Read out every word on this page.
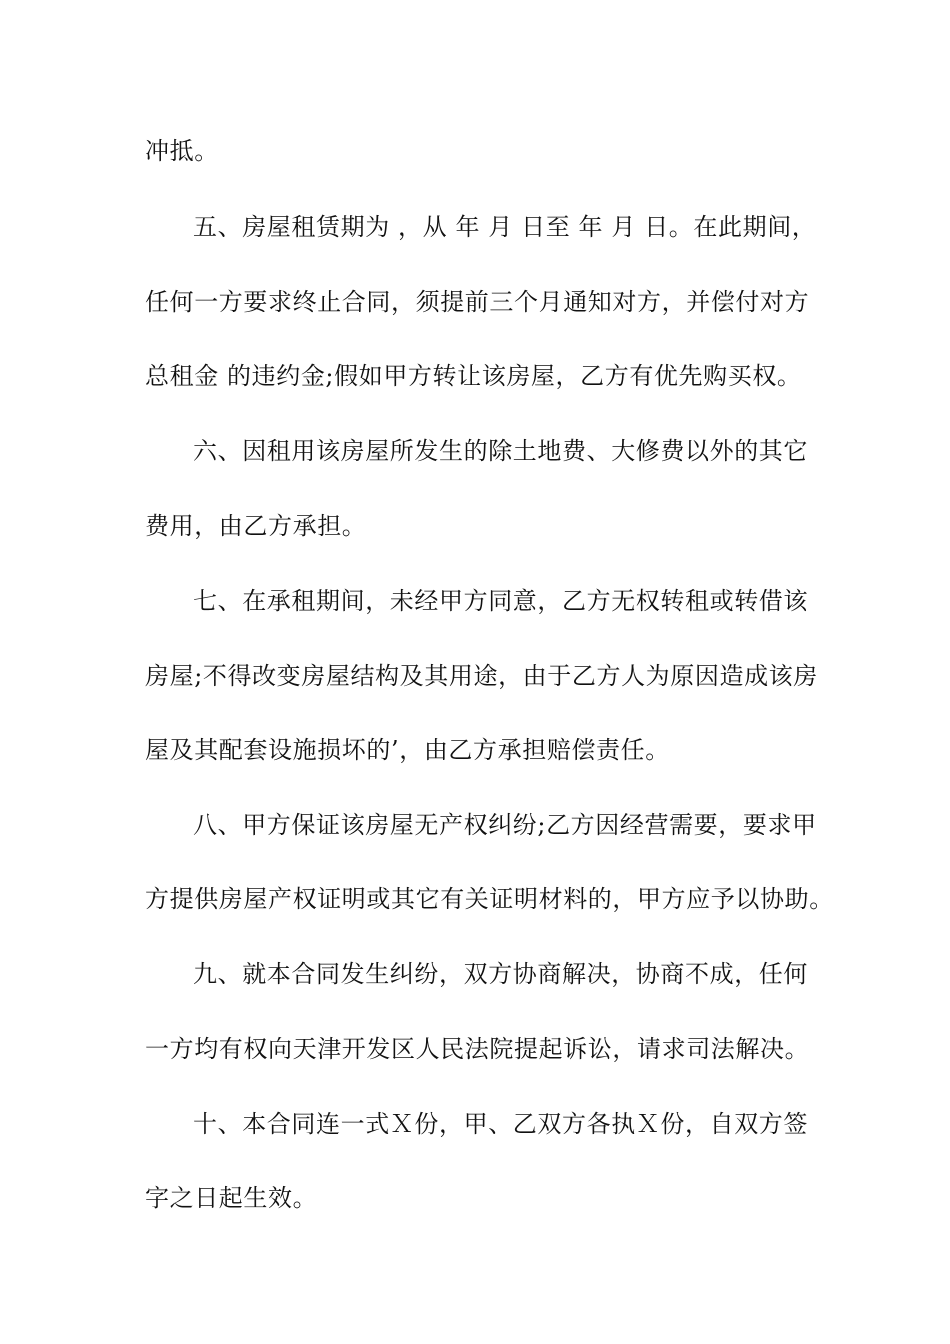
冲抵。
五、房屋租赁期为 ，从 年 月 日至 年 月 日。在此期间，
任何一方要求终止合同，须提前三个月通知对方，并偿付对方
总租金 的违约金;假如甲方转让该房屋，乙方有优先购买权。
六、因租用该房屋所发生的除土地费、大修费以外的其它
费用，由乙方承担。
七、在承租期间，未经甲方同意，乙方无权转租或转借该
房屋;不得改变房屋结构及其用途，由于乙方人为原因造成该房
屋及其配套设施损坏的’，由乙方承担赔偿责任。
八、甲方保证该房屋无产权纠纷;乙方因经营需要，要求甲
方提供房屋产权证明或其它有关证明材料的，甲方应予以协助。
九、就本合同发生纠纷，双方协商解决，协商不成，任何
一方均有权向天津开发区人民法院提起诉讼，请求司法解决。
十、本合同连一式Ｘ份，甲、乙双方各执Ｘ份，自双方签
字之日起生效。
